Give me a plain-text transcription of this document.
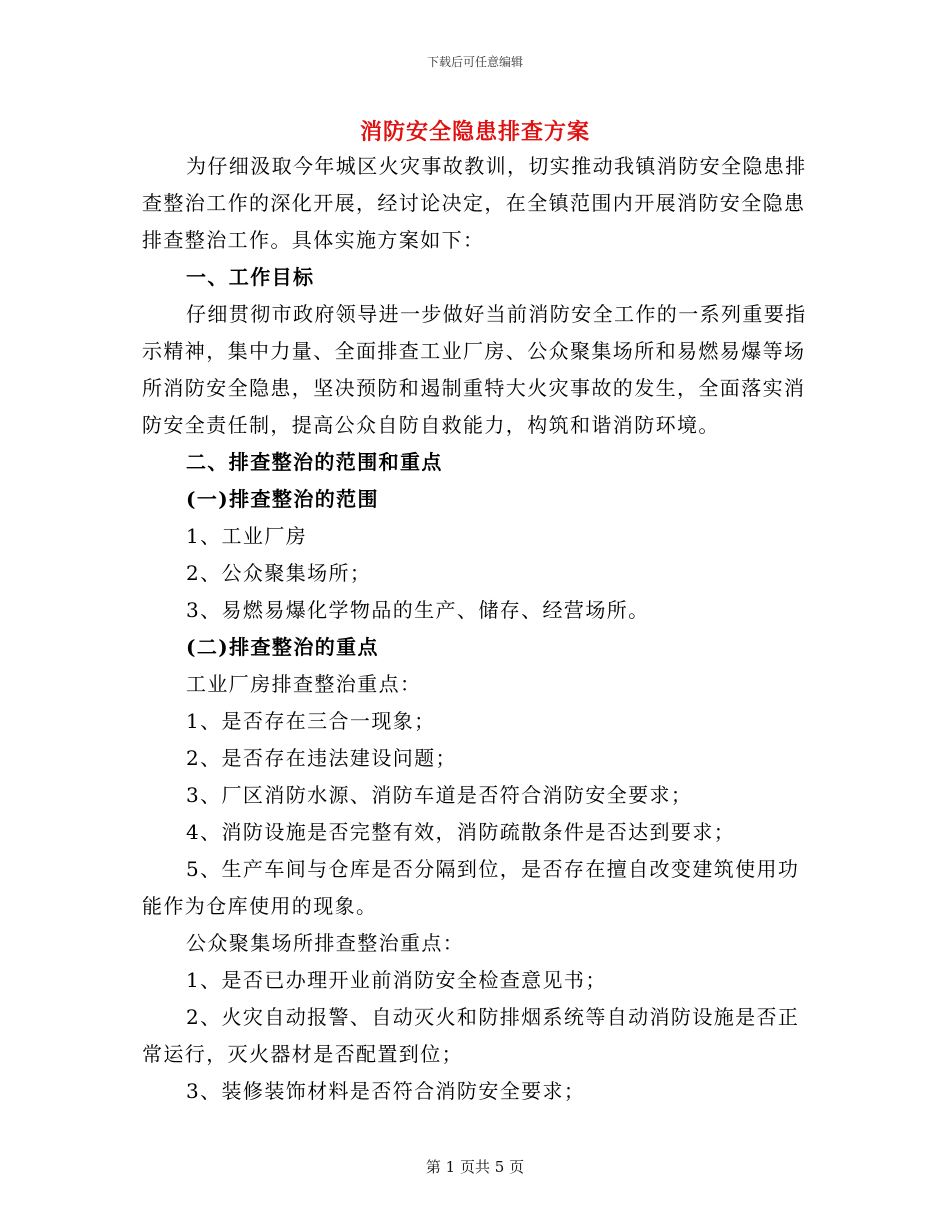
下载后可任意编辑
消防安全隐患排查方案

为仔细汲取今年城区火灾事故教训，切实推动我镇消防安全隐患排查整治工作的深化开展，经讨论决定，在全镇范围内开展消防安全隐患排查整治工作。具体实施方案如下：

一、工作目标

仔细贯彻市政府领导进一步做好当前消防安全工作的一系列重要指示精神，集中力量、全面排查工业厂房、公众聚集场所和易燃易爆等场所消防安全隐患，坚决预防和遏制重特大火灾事故的发生，全面落实消防安全责任制，提高公众自防自救能力，构筑和谐消防环境。

二、排查整治的范围和重点

(一)排查整治的范围

1、工业厂房

2、公众聚集场所；

3、易燃易爆化学物品的生产、储存、经营场所。

(二)排查整治的重点

工业厂房排查整治重点：

1、是否存在三合一现象；

2、是否存在违法建设问题；

3、厂区消防水源、消防车道是否符合消防安全要求；

4、消防设施是否完整有效，消防疏散条件是否达到要求；

5、生产车间与仓库是否分隔到位，是否存在擅自改变建筑使用功能作为仓库使用的现象。

公众聚集场所排查整治重点：

1、是否已办理开业前消防安全检查意见书；

2、火灾自动报警、自动灭火和防排烟系统等自动消防设施是否正常运行，灭火器材是否配置到位；

3、装修装饰材料是否符合消防安全要求；

第 1 页共 5 页
